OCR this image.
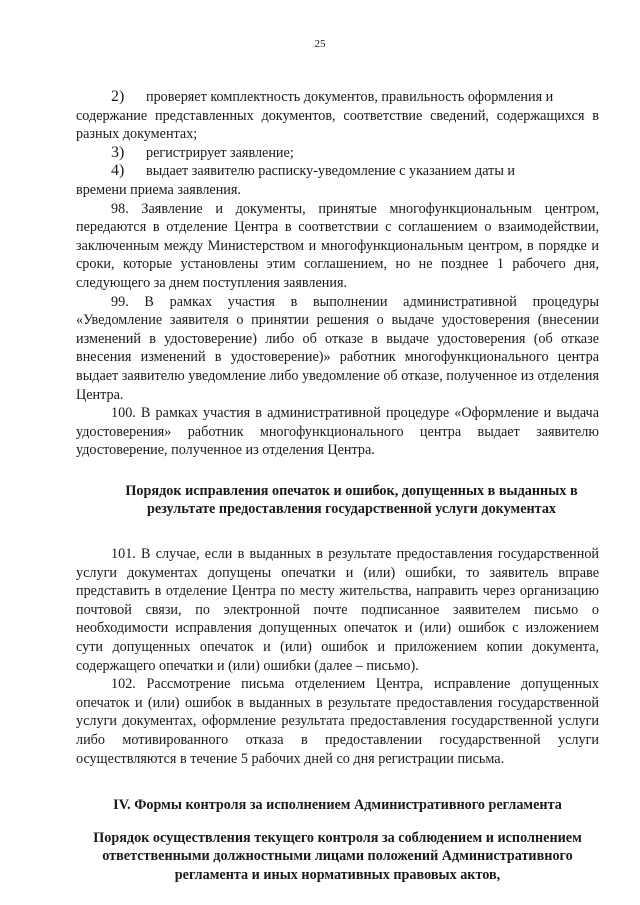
25
2)	проверяет комплектность документов, правильность оформления и

содержание представленных документов, соответствие сведений, содержащихся в разных документах;

3)	регистрирует заявление;

4)	выдает заявителю расписку-уведомление с указанием даты и

времени приема заявления.

98. Заявление и документы, принятые многофункциональным центром, передаются в отделение Центра в соответствии с соглашением о взаимодействии, заключенным между Министерством и многофункциональным центром, в порядке и сроки, которые установлены этим соглашением, но не позднее 1 рабочего дня, следующего за днем поступления заявления.

99. В рамках участия в выполнении административной процедуры «Уведомление заявителя о принятии решения о выдаче удостоверения (внесении изменений в удостоверение) либо об отказе в выдаче удостоверения (об отказе внесения изменений в удостоверение)» работник многофункционального центра выдает заявителю уведомление либо уведомление об отказе, полученное из отделения Центра.

100. В рамках участия в административной процедуре «Оформление и выдача удостоверения» работник многофункционального центра выдает заявителю удостоверение, полученное из отделения Центра.

Порядок исправления опечаток и ошибок, допущенных в выданных в результате предоставления государственной услуги документах

101. В случае, если в выданных в результате предоставления государственной услуги документах допущены опечатки и (или) ошибки, то заявитель вправе представить в отделение Центра по месту жительства, направить через организацию почтовой связи, по электронной почте подписанное заявителем письмо о необходимости исправления допущенных опечаток и (или) ошибок с изложением сути допущенных опечаток и (или) ошибок и приложением копии документа, содержащего опечатки и (или) ошибки (далее – письмо).

102. Рассмотрение письма отделением Центра, исправление допущенных опечаток и (или) ошибок в выданных в результате предоставления государственной услуги документах, оформление результата предоставления государственной услуги либо мотивированного отказа в предоставлении государственной услуги осуществляются в течение 5 рабочих дней со дня регистрации письма.

IV. Формы контроля за исполнением Административного регламента
Порядок осуществления текущего контроля за соблюдением и исполнением ответственными должностными лицами положений Административного регламента и иных нормативных правовых актов,
